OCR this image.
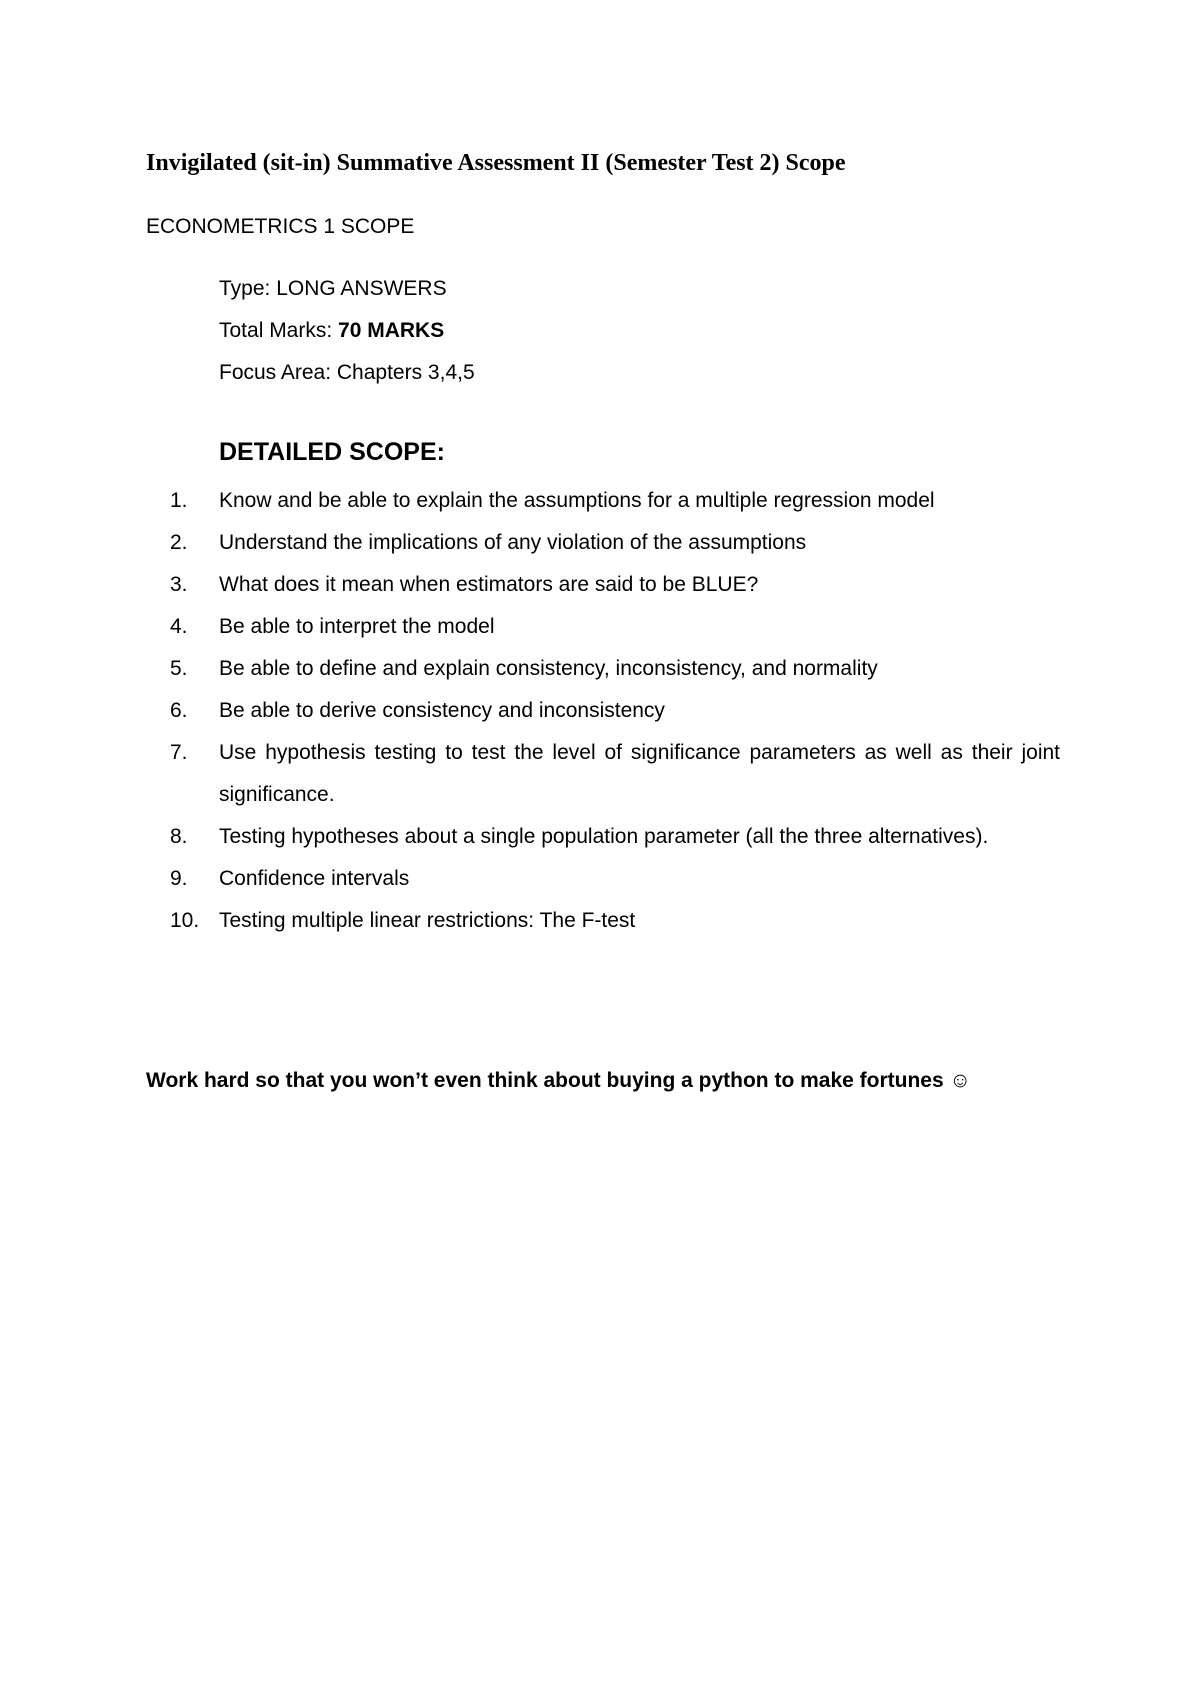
Invigilated (sit-in) Summative Assessment II (Semester Test 2) Scope
ECONOMETRICS 1 SCOPE
Type: LONG ANSWERS
Total Marks: 70 MARKS
Focus Area: Chapters 3,4,5
DETAILED SCOPE:
1.	Know and be able to explain the assumptions for a multiple regression model
2.	Understand the implications of any violation of the assumptions
3.	What does it mean when estimators are said to be BLUE?
4.	Be able to interpret the model
5.	Be able to define and explain consistency, inconsistency, and normality
6.	Be able to derive consistency and inconsistency
7.	Use hypothesis testing to test the level of significance parameters as well as their joint significance.
8.	Testing hypotheses about a single population parameter (all the three alternatives).
9.	Confidence intervals
10. Testing multiple linear restrictions: The F-test
Work hard so that you won’t even think about buying a python to make fortunes ☺
